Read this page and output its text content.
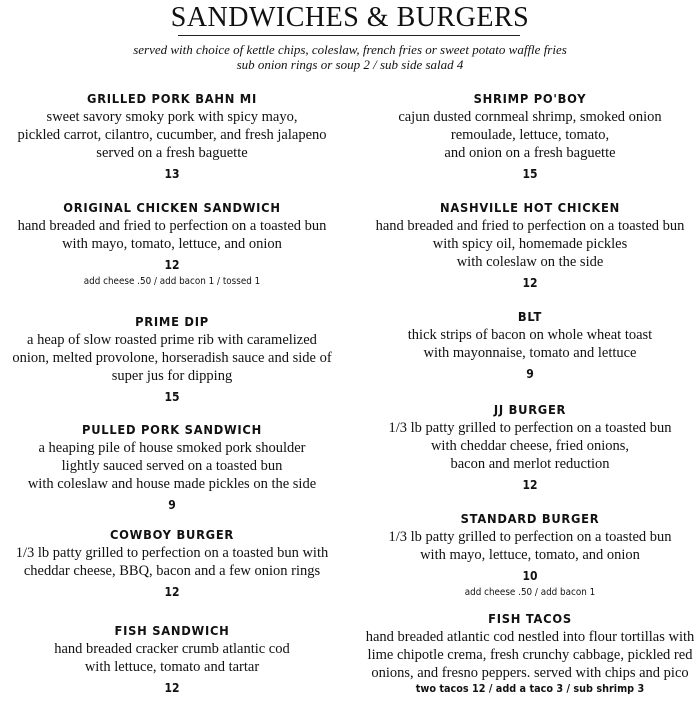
SANDWICHES & BURGERS
served with choice of kettle chips, coleslaw, french fries or sweet potato waffle fries
sub onion rings or soup 2 / sub side salad 4
GRILLED PORK BAHN MI
sweet savory smoky pork with spicy mayo,
pickled carrot, cilantro, cucumber, and fresh jalapeno
served on a fresh baguette
13
ORIGINAL CHICKEN SANDWICH
hand breaded and fried to perfection on a toasted bun
with mayo, tomato, lettuce, and onion
12
add cheese .50 / add bacon 1 / tossed 1
PRIME DIP
a heap of slow roasted prime rib with caramelized
onion, melted provolone, horseradish sauce and side of
super jus for dipping
15
PULLED PORK SANDWICH
a heaping pile of house smoked pork shoulder
lightly sauced served on a toasted bun
with coleslaw and house made pickles on the side
9
COWBOY BURGER
1/3 lb patty grilled to perfection on a toasted bun with
cheddar cheese, BBQ, bacon and a few onion rings
12
FISH SANDWICH
hand breaded cracker crumb atlantic cod
with lettuce, tomato and tartar
12
SHRIMP PO'BOY
cajun dusted cornmeal shrimp, smoked onion
remoulade, lettuce, tomato,
and onion on a fresh baguette
15
NASHVILLE HOT CHICKEN
hand breaded and fried to perfection on a toasted bun
with spicy oil, homemade pickles
with coleslaw on the side
12
BLT
thick strips of bacon on whole wheat toast
with mayonnaise, tomato and lettuce
9
JJ BURGER
1/3 lb patty grilled to perfection on a toasted bun
with cheddar cheese, fried onions,
bacon and merlot reduction
12
STANDARD BURGER
1/3 lb patty grilled to perfection on a toasted bun
with mayo, lettuce, tomato, and onion
10
add cheese .50 / add bacon 1
FISH TACOS
hand breaded atlantic cod nestled into flour tortillas with
lime chipotle crema, fresh crunchy cabbage, pickled red
onions, and fresno peppers. served with chips and pico
two tacos 12 / add a taco 3 / sub shrimp 3
